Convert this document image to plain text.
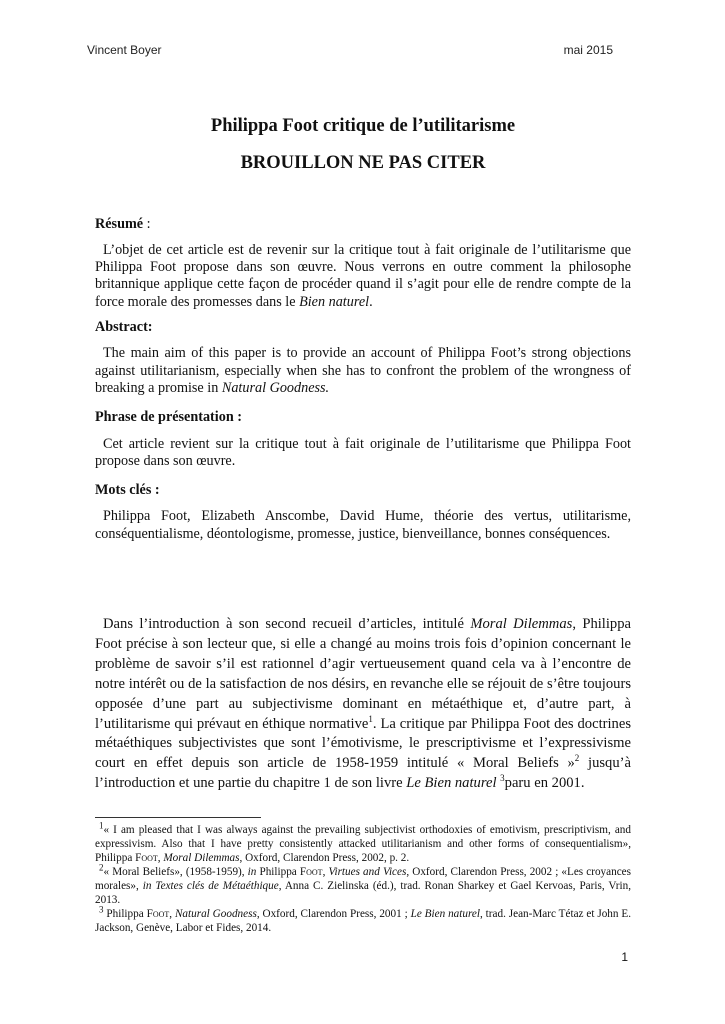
Vincent Boyer	mai 2015
Philippa Foot critique de l’utilitarisme
BROUILLON NE PAS CITER

Résumé :

L’objet de cet article est de revenir sur la critique tout à fait originale de l’utilitarisme que Philippa Foot propose dans son œuvre. Nous verrons en outre comment la philosophe britannique applique cette façon de procéder quand il s’agit pour elle de rendre compte de la force morale des promesses dans le Bien naturel.

Abstract:

The main aim of this paper is to provide an account of Philippa Foot’s strong objections against utilitarianism, especially when she has to confront the problem of the wrongness of breaking a promise in Natural Goodness.

Phrase de présentation :

Cet article revient sur la critique tout à fait originale de l’utilitarisme que Philippa Foot propose dans son œuvre.

Mots clés :

Philippa Foot, Elizabeth Anscombe, David Hume, théorie des vertus, utilitarisme, conséquentialisme, déontologisme, promesse, justice, bienveillance, bonnes conséquences.

Dans l’introduction à son second recueil d’articles, intitulé Moral Dilemmas, Philippa Foot précise à son lecteur que, si elle a changé au moins trois fois d’opinion concernant le problème de savoir s’il est rationnel d’agir vertueusement quand cela va à l’encontre de notre intérêt ou de la satisfaction de nos désirs, en revanche elle se réjouit de s’être toujours opposée d’une part au subjectivisme dominant en métaéthique et, d’autre part, à l’utilitarisme qui prévaut en éthique normative$^1$. La critique par Philippa Foot des doctrines métaéthiques subjectivistes que sont l’émotivisme, le prescriptivisme et l’expressivisme court en effet depuis son article de 1958-1959 intitulé « Moral Beliefs »$^2$ jusqu’à l’introduction et une partie du chapitre 1 de son livre Le Bien naturel $^3$paru en 2001.

$^1$« I am pleased that I was always against the prevailing subjectivist orthodoxies of emotivism, prescriptivism, and expressivism. Also that I have pretty consistently attacked utilitarianism and other forms of consequentialism», Philippa Foot, Moral Dilemmas, Oxford, Clarendon Press, 2002, p. 2.

$^2$« Moral Beliefs», (1958-1959), in Philippa Foot, Virtues and Vices, Oxford, Clarendon Press, 2002 ; «Les croyances morales», in Textes clés de Métaéthique, Anna C. Zielinska (éd.), trad. Ronan Sharkey et Gael Kervoas, Paris, Vrin, 2013.

$^3$ Philippa Foot, Natural Goodness, Oxford, Clarendon Press, 2001 ; Le Bien naturel, trad. Jean-Marc Tétaz et John E. Jackson, Genève, Labor et Fides, 2014.

1
